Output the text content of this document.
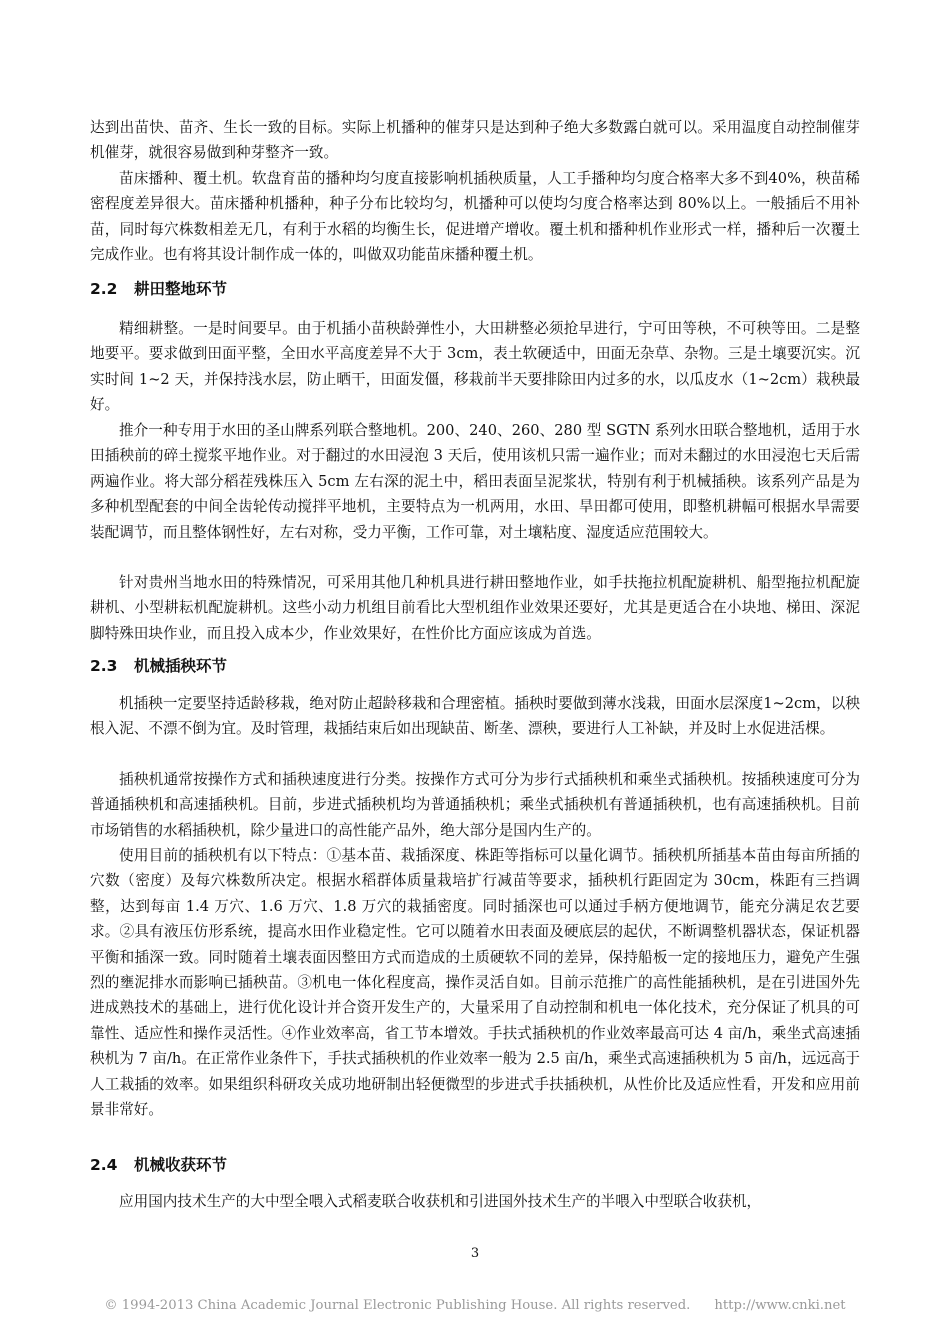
达到出苗快、苗齐、生长一致的目标。实际上机播种的催芽只是达到种子绝大多数露白就可以。采用温度自动控制催芽机催芽，就很容易做到种芽整齐一致。

苗床播种、覆土机。软盘育苗的播种均匀度直接影响机插秧质量，人工手播种均匀度合格率大多不到40%，秧苗稀密程度差异很大。苗床播种机播种，种子分布比较均匀，机播种可以使均匀度合格率达到 80%以上。一般插后不用补苗，同时每穴株数相差无几，有利于水稻的均衡生长，促进增产增收。覆土机和播种机作业形式一样，播种后一次覆土完成作业。也有将其设计制作成一体的，叫做双功能苗床播种覆土机。

2.2 耕田整地环节

精细耕整。一是时间要早。由于机插小苗秧龄弹性小，大田耕整必须抢早进行，宁可田等秧，不可秧等田。二是整地要平。要求做到田面平整，全田水平高度差异不大于 3cm，表土软硬适中，田面无杂草、杂物。三是土壤要沉实。沉实时间 1~2 天，并保持浅水层，防止晒干，田面发僵，移栽前半天要排除田内过多的水，以瓜皮水（1~2cm）栽秧最好。

推介一种专用于水田的圣山牌系列联合整地机。200、240、260、280 型 SGTN 系列水田联合整地机，适用于水田插秧前的碎土搅浆平地作业。对于翻过的水田浸泡 3 天后，使用该机只需一遍作业；而对未翻过的水田浸泡七天后需两遍作业。将大部分稻茬残株压入 5cm 左右深的泥土中，稻田表面呈泥浆状，特别有利于机械插秧。该系列产品是为多种机型配套的中间全齿轮传动搅拌平地机，主要特点为一机两用，水田、旱田都可使用，即整机耕幅可根据水旱需要装配调节，而且整体钢性好，左右对称，受力平衡，工作可靠，对土壤粘度、湿度适应范围较大。

针对贵州当地水田的特殊情况，可采用其他几种机具进行耕田整地作业，如手扶拖拉机配旋耕机、船型拖拉机配旋耕机、小型耕耘机配旋耕机。这些小动力机组目前看比大型机组作业效果还要好，尤其是更适合在小块地、梯田、深泥脚特殊田块作业，而且投入成本少，作业效果好，在性价比方面应该成为首选。

2.3 机械插秧环节

机插秧一定要坚持适龄移栽，绝对防止超龄移栽和合理密植。插秧时要做到薄水浅栽，田面水层深度1~2cm，以秧根入泥、不漂不倒为宜。及时管理，栽插结束后如出现缺苗、断垄、漂秧，要进行人工补缺，并及时上水促进活棵。

插秧机通常按操作方式和插秧速度进行分类。按操作方式可分为步行式插秧机和乘坐式插秧机。按插秧速度可分为普通插秧机和高速插秧机。目前，步进式插秧机均为普通插秧机；乘坐式插秧机有普通插秧机，也有高速插秧机。目前市场销售的水稻插秧机，除少量进口的高性能产品外，绝大部分是国内生产的。

使用目前的插秧机有以下特点：①基本苗、栽插深度、株距等指标可以量化调节。插秧机所插基本苗由每亩所插的穴数（密度）及每穴株数所决定。根据水稻群体质量栽培扩行减苗等要求，插秧机行距固定为 30cm，株距有三挡调整，达到每亩 1.4 万穴、1.6 万穴、1.8 万穴的栽插密度。同时插深也可以通过手柄方便地调节，能充分满足农艺要求。②具有液压仿形系统，提高水田作业稳定性。它可以随着水田表面及硬底层的起伏，不断调整机器状态，保证机器平衡和插深一致。同时随着土壤表面因整田方式而造成的土质硬软不同的差异，保持船板一定的接地压力，避免产生强烈的壅泥排水而影响已插秧苗。③机电一体化程度高，操作灵活自如。目前示范推广的高性能插秧机，是在引进国外先进成熟技术的基础上，进行优化设计并合资开发生产的，大量采用了自动控制和机电一体化技术，充分保证了机具的可靠性、适应性和操作灵活性。④作业效率高，省工节本增效。手扶式插秧机的作业效率最高可达 4 亩/h，乘坐式高速插秧机为 7 亩/h。在正常作业条件下，手扶式插秧机的作业效率一般为 2.5 亩/h，乘坐式高速插秧机为 5 亩/h，远远高于人工栽插的效率。如果组织科研攻关成功地研制出轻便微型的步进式手扶插秧机，从性价比及适应性看，开发和应用前景非常好。

2.4 机械收获环节

应用国内技术生产的大中型全喂入式稻麦联合收获机和引进国外技术生产的半喂入中型联合收获机，

3
© 1994-2013 China Academic Journal Electronic Publishing House. All rights reserved. http://www.cnki.net
